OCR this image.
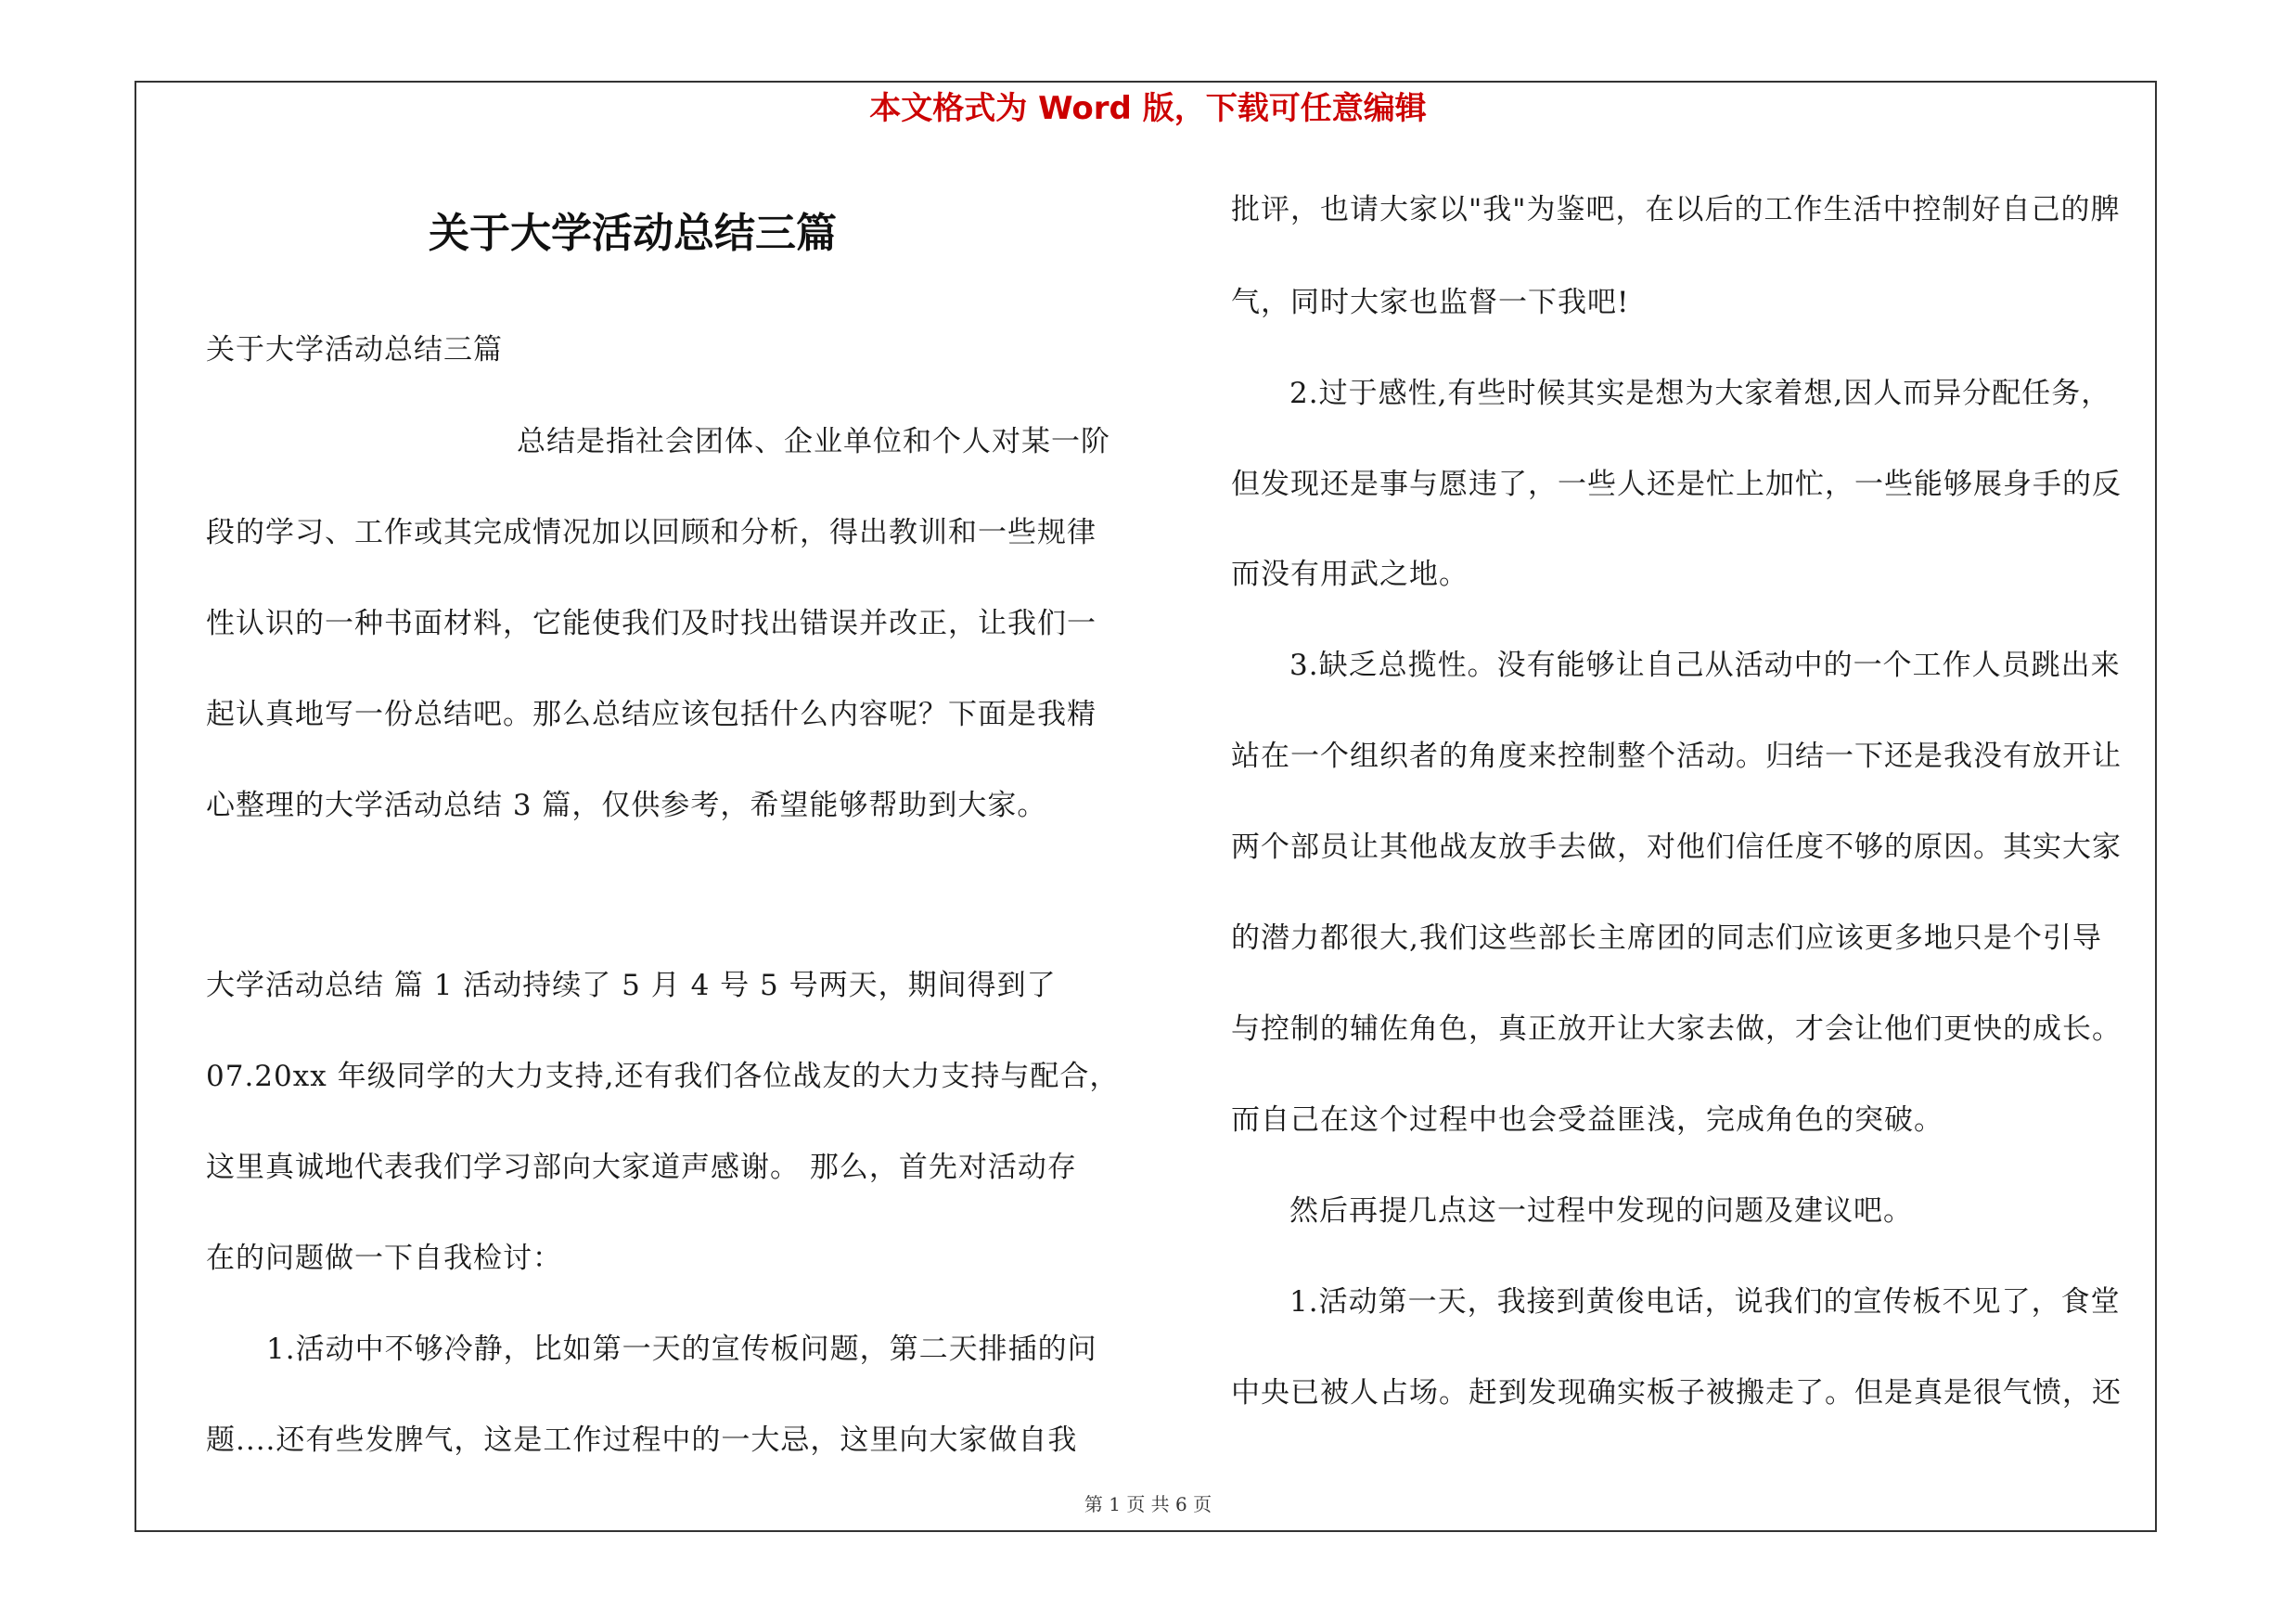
本文格式为 Word 版，下载可任意编辑
关于大学活动总结三篇
关于大学活动总结三篇
总结是指社会团体、企业单位和个人对某一阶
段的学习、工作或其完成情况加以回顾和分析，得出教训和一些规律
性认识的一种书面材料，它能使我们及时找出错误并改正，让我们一
起认真地写一份总结吧。那么总结应该包括什么内容呢？下面是我精
心整理的大学活动总结 3 篇，仅供参考，希望能够帮助到大家。
大学活动总结 篇 1 活动持续了 5 月 4 号 5 号两天，期间得到了
07.20xx 年级同学的大力支持,还有我们各位战友的大力支持与配合，
这里真诚地代表我们学习部向大家道声感谢。 那么，首先对活动存
在的问题做一下自我检讨：
1.活动中不够冷静，比如第一天的宣传板问题，第二天排插的问
题....还有些发脾气，这是工作过程中的一大忌，这里向大家做自我
批评，也请大家以"我"为鉴吧，在以后的工作生活中控制好自己的脾
气，同时大家也监督一下我吧!
2.过于感性,有些时候其实是想为大家着想,因人而异分配任务，
但发现还是事与愿违了，一些人还是忙上加忙，一些能够展身手的反
而没有用武之地。
3.缺乏总揽性。没有能够让自己从活动中的一个工作人员跳出来
站在一个组织者的角度来控制整个活动。归结一下还是我没有放开让
两个部员让其他战友放手去做，对他们信任度不够的原因。其实大家
的潜力都很大,我们这些部长主席团的同志们应该更多地只是个引导
与控制的辅佐角色，真正放开让大家去做，才会让他们更快的成长。
而自己在这个过程中也会受益匪浅，完成角色的突破。
然后再提几点这一过程中发现的问题及建议吧。
1.活动第一天，我接到黄俊电话，说我们的宣传板不见了，食堂
中央已被人占场。赶到发现确实板子被搬走了。但是真是很气愤，还
第 1 页 共 6 页
